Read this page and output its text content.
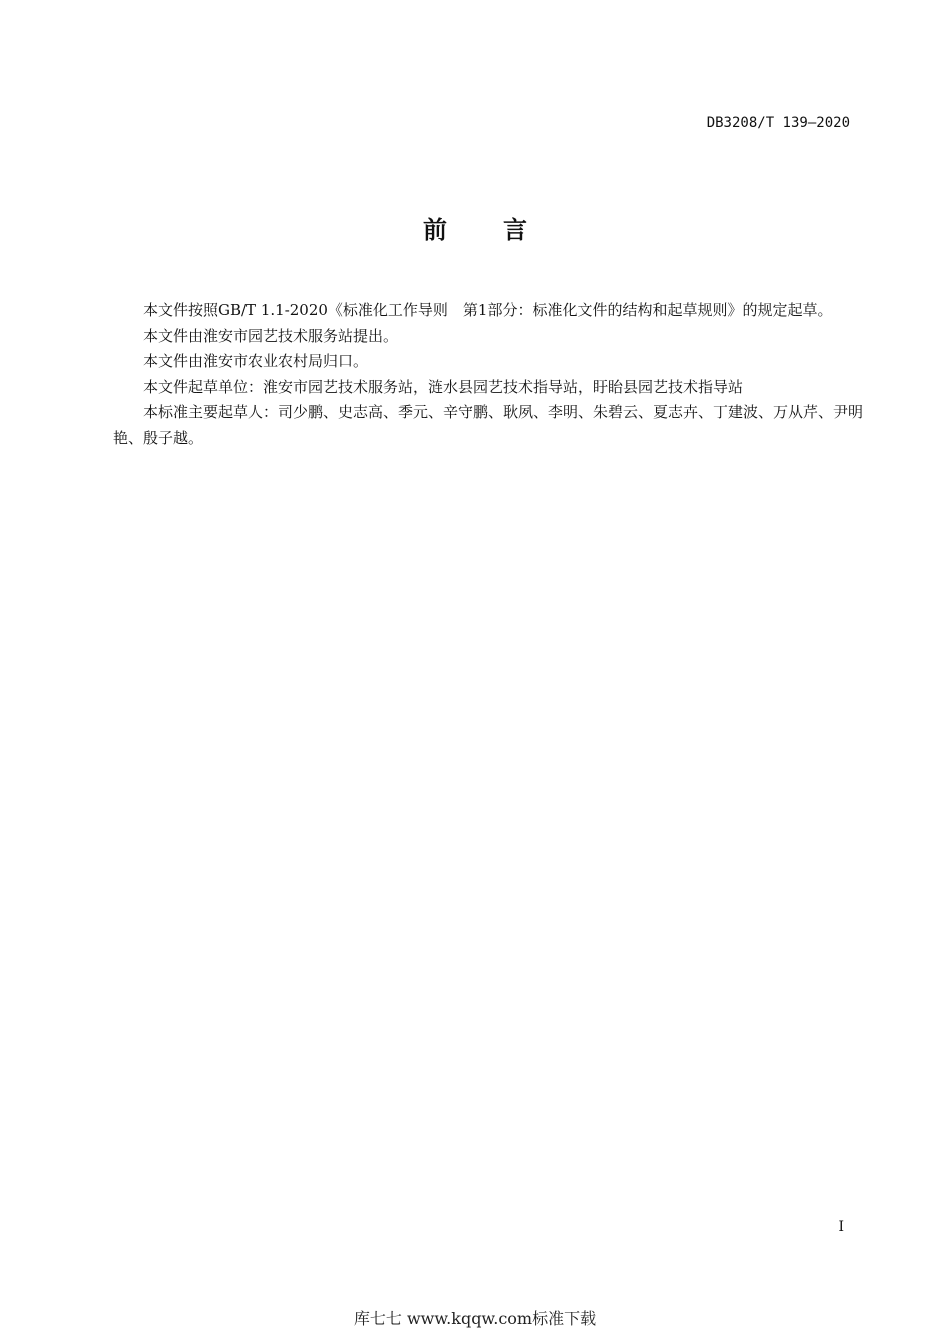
DB3208/T 139—2020
前 言

本文件按照GB/T 1.1-2020《标准化工作导则　第1部分：标准化文件的结构和起草规则》的规定起草。

本文件由淮安市园艺技术服务站提出。

本文件由淮安市农业农村局归口。

本文件起草单位：淮安市园艺技术服务站，涟水县园艺技术指导站，盱眙县园艺技术指导站

本标准主要起草人：司少鹏、史志高、季元、辛守鹏、耿夙、李明、朱碧云、夏志卉、丁建波、万从芹、尹明艳、殷子越。

I
库七七 www.kqqw.com标准下载
